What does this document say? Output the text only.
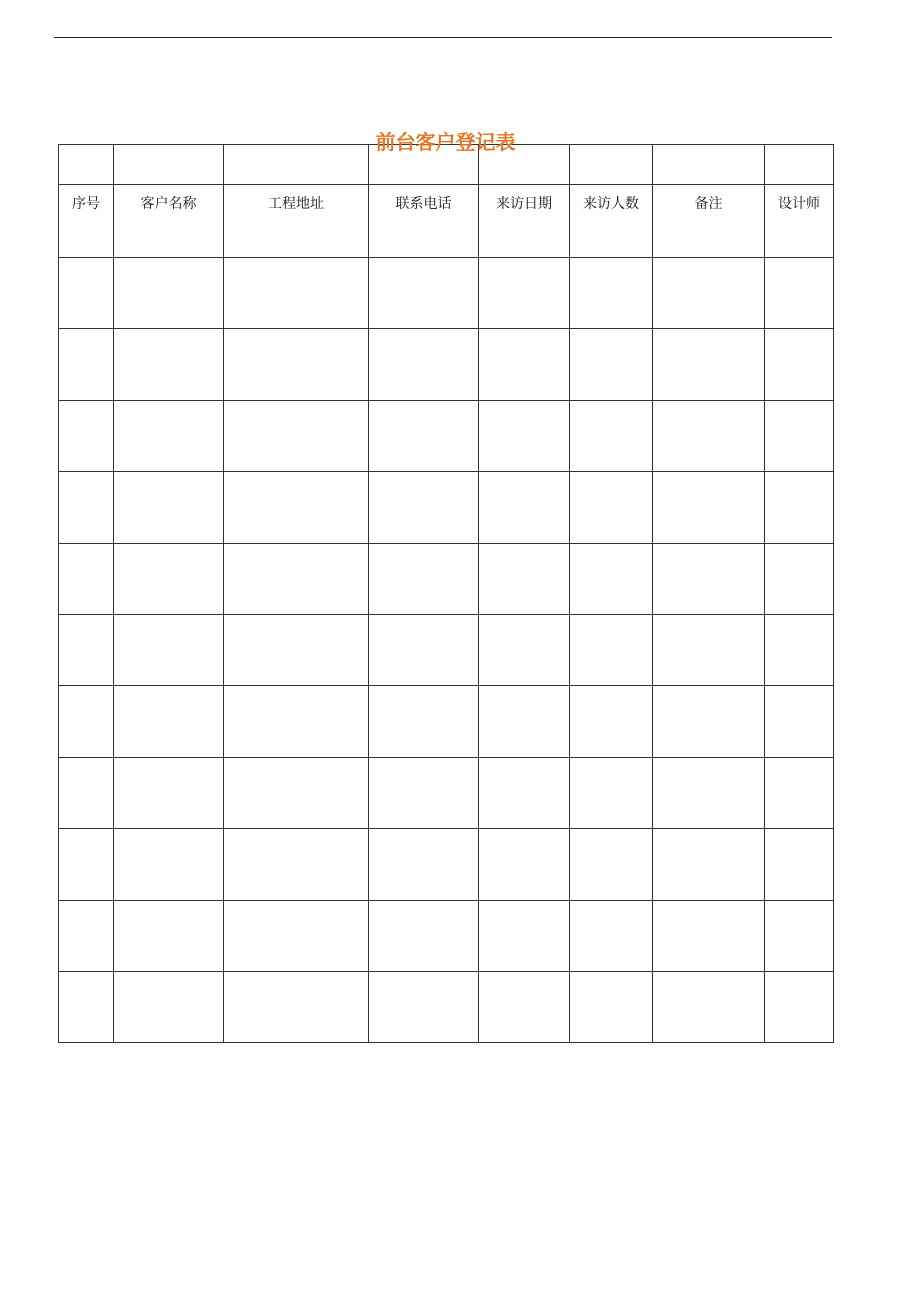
前台客户登记表

序号	客户名称	工程地址	联系电话	来访日期	来访人数	备注	设计师
